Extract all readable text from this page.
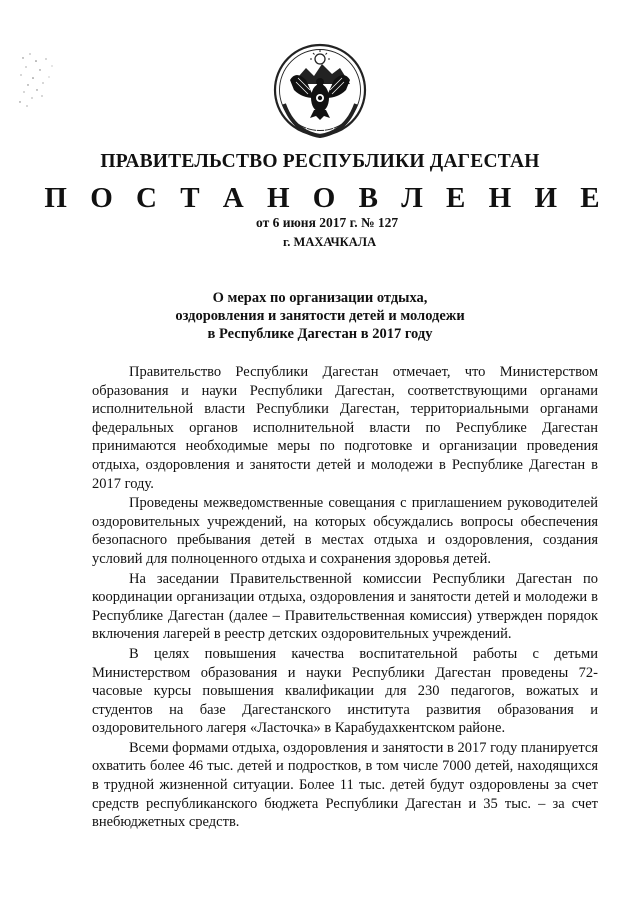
ПРАВИТЕЛЬСТВО РЕСПУБЛИКИ ДАГЕСТАН
П О С Т А Н О В Л Е Н И Е
от 6 июня 2017 г. № 127
г. МАХАЧКАЛА
О мерах по организации отдыха,
оздоровления и занятости детей и молодежи
в Республике Дагестан в 2017 году

Правительство Республики Дагестан отмечает, что Министерством образования и науки Республики Дагестан, соответствующими органами исполнительной власти Республики Дагестан, территориальными органами федеральных органов исполнительной власти по Республике Дагестан принимаются необходимые меры по подготовке и организации проведения отдыха, оздоровления и занятости детей и молодежи в Республике Дагестан в 2017 году.

Проведены межведомственные совещания с приглашением руководителей оздоровительных учреждений, на которых обсуждались вопросы обеспечения безопасного пребывания детей в местах отдыха и оздоровления, создания условий для полноценного отдыха и сохранения здоровья детей.

На заседании Правительственной комиссии Республики Дагестан по координации организации отдыха, оздоровления и занятости детей и молодежи в Республике Дагестан (далее – Правительственная комиссия) утвержден порядок включения лагерей в реестр детских оздоровительных учреждений.

В целях повышения качества воспитательной работы с детьми Министерством образования и науки Республики Дагестан проведены 72-часовые курсы повышения квалификации для 230 педагогов, вожатых и студентов на базе Дагестанского института развития образования и оздоровительного лагеря «Ласточка» в Карабудахкентском районе.

Всеми формами отдыха, оздоровления и занятости в 2017 году планируется охватить более 46 тыс. детей и подростков, в том числе 7000 детей, находящихся в трудной жизненной ситуации. Более 11 тыс. детей будут оздоровлены за счет средств республиканского бюджета Республики Дагестан и 35 тыс. – за счет внебюджетных средств.
